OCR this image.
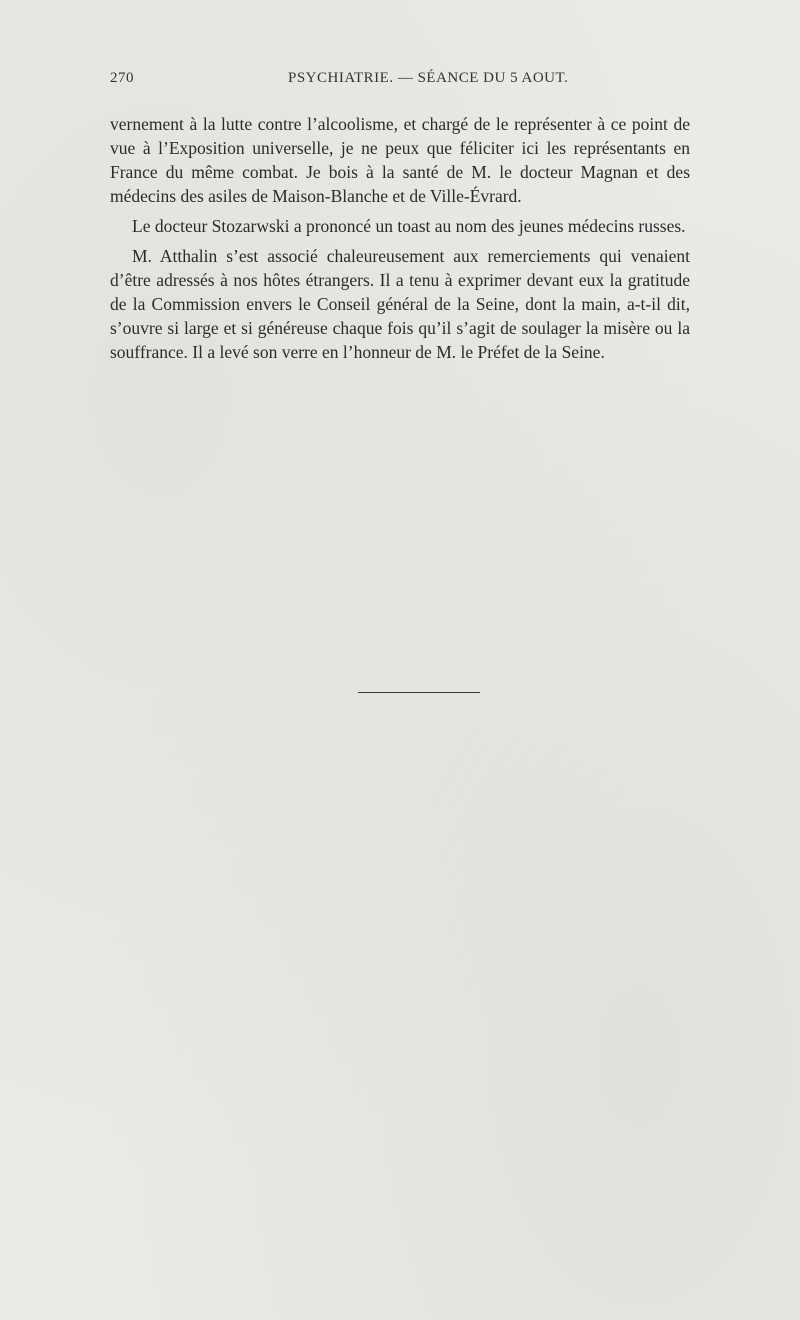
270	PSYCHIATRIE. — SÉANCE DU 5 AOUT.

vernement à la lutte contre l’alcoolisme, et chargé de le représenter à ce point de vue à l’Exposition universelle, je ne peux que féliciter ici les représentants en France du même combat. Je bois à la santé de M. le docteur Magnan et des médecins des asiles de Maison-Blanche et de Ville-Évrard.

Le docteur Stozarwski a prononcé un toast au nom des jeunes médecins russes.

M. Atthalin s’est associé chaleureusement aux remerciements qui venaient d’être adressés à nos hôtes étrangers. Il a tenu à exprimer devant eux la gratitude de la Commission envers le Conseil général de la Seine, dont la main, a-t-il dit, s’ouvre si large et si généreuse chaque fois qu’il s’agit de soulager la misère ou la souffrance. Il a levé son verre en l’honneur de M. le Préfet de la Seine.
